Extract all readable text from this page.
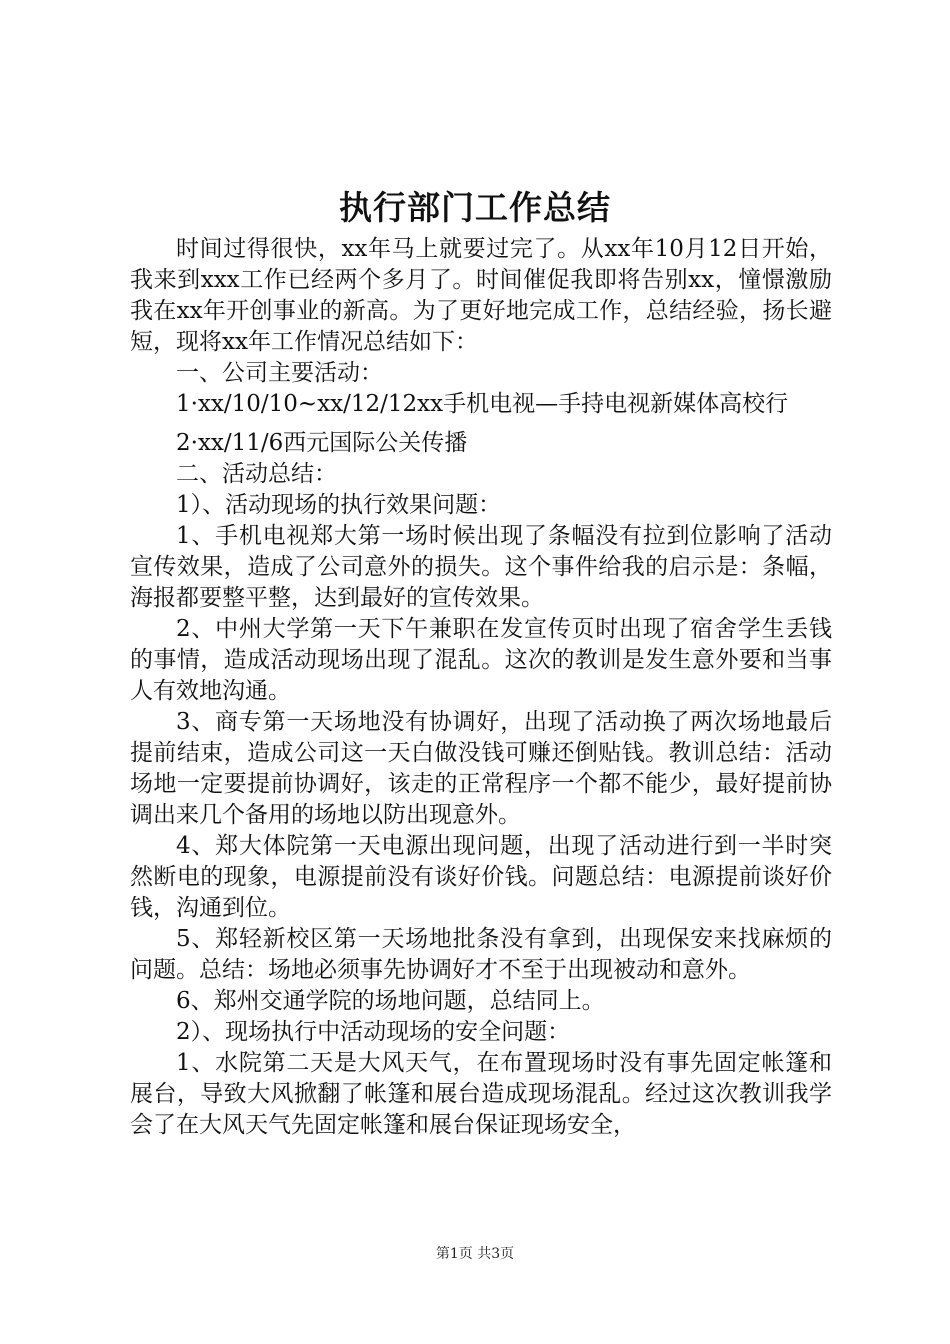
执行部门工作总结

时间过得很快，xx年马上就要过完了。从xx年10月12日开始，我来到xxx工作已经两个多月了。时间催促我即将告别xx，憧憬激励我在xx年开创事业的新高。为了更好地完成工作，总结经验，扬长避短，现将xx年工作情况总结如下：

一、公司主要活动：

1·xx/10/10~xx/12/12xx手机电视—手持电视新媒体高校行

2·xx/11/6西元国际公关传播

二、活动总结：

1）、活动现场的执行效果问题：

1、手机电视郑大第一场时候出现了条幅没有拉到位影响了活动宣传效果，造成了公司意外的损失。这个事件给我的启示是：条幅，海报都要整平整，达到最好的宣传效果。

2、中州大学第一天下午兼职在发宣传页时出现了宿舍学生丢钱的事情，造成活动现场出现了混乱。这次的教训是发生意外要和当事人有效地沟通。

3、商专第一天场地没有协调好，出现了活动换了两次场地最后提前结束，造成公司这一天白做没钱可赚还倒贴钱。教训总结：活动场地一定要提前协调好，该走的正常程序一个都不能少，最好提前协调出来几个备用的场地以防出现意外。

4、郑大体院第一天电源出现问题，出现了活动进行到一半时突然断电的现象，电源提前没有谈好价钱。问题总结：电源提前谈好价钱，沟通到位。

5、郑轻新校区第一天场地批条没有拿到，出现保安来找麻烦的问题。总结：场地必须事先协调好才不至于出现被动和意外。

6、郑州交通学院的场地问题，总结同上。

2）、现场执行中活动现场的安全问题：

1、水院第二天是大风天气，在布置现场时没有事先固定帐篷和展台，导致大风掀翻了帐篷和展台造成现场混乱。经过这次教训我学会了在大风天气先固定帐篷和展台保证现场安全，

第1页 共3页
